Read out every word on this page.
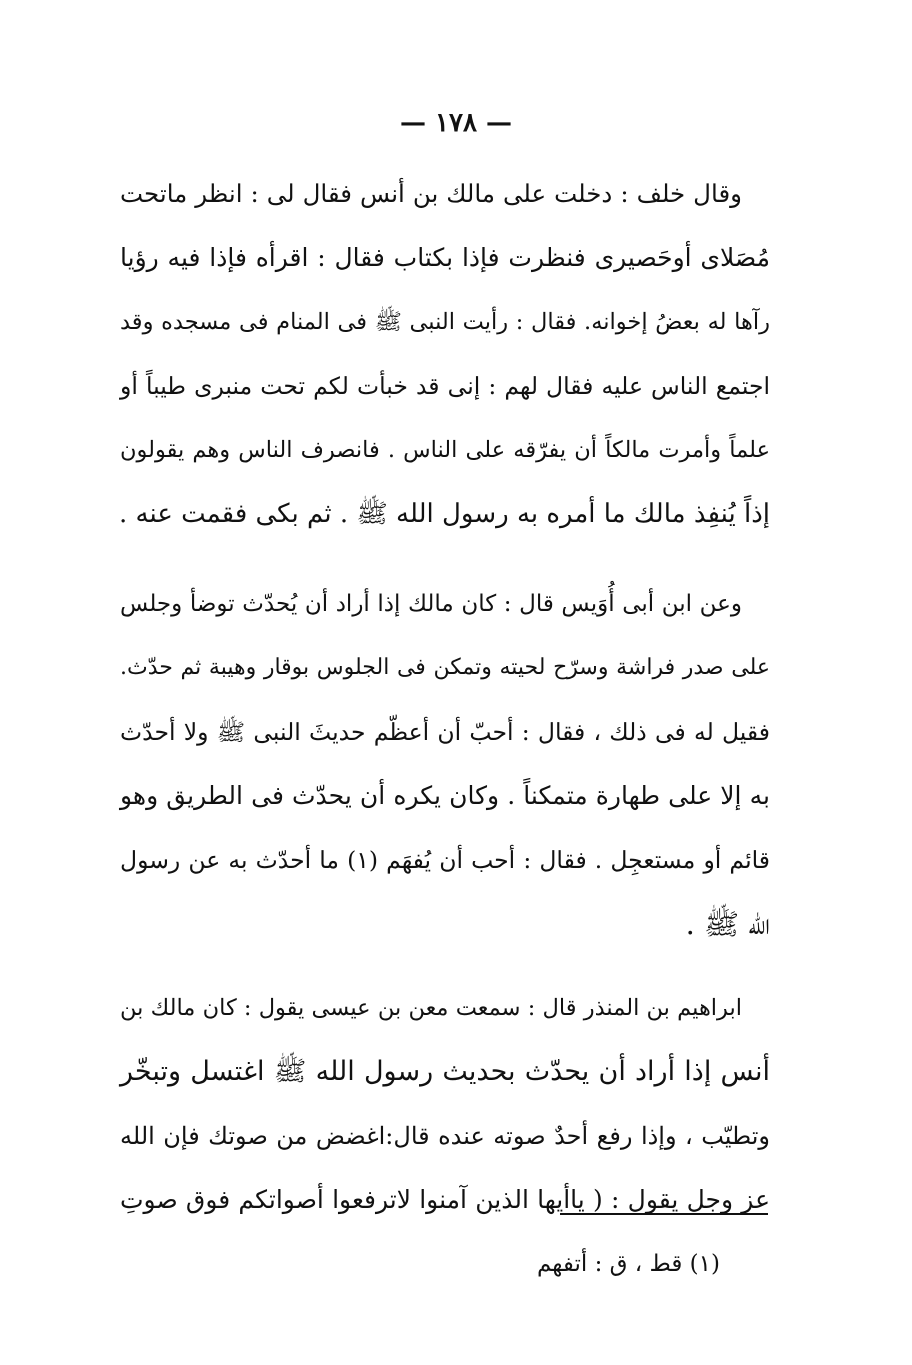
— ١٧٨ —
وقال خلف : دخلت على مالك بن أنس فقال لى : انظر ماتحت
مُصَلاى أوحَصيرى فنظرت فإذا بكتاب فقال : اقرأه فإذا فيه رؤيا
رآها له بعضُ إخوانه. فقال : رأيت النبى ﷺ فى المنام فى مسجده وقد
اجتمع الناس عليه فقال لهم : إنى قد خبأت لكم تحت منبرى طيباً أو
علماً وأمرت مالكاً أن يفرّقه على الناس . فانصرف الناس وهم يقولون
إذاً يُنفِذ مالك ما أمره به رسول الله ﷺ . ثم بكى فقمت عنه .
وعن ابن أبى أُوَيس قال : كان مالك إذا أراد أن يُحدّث توضأ وجلس
على صدر فراشة وسرّح لحيته وتمكن فى الجلوس بوقار وهيبة ثم حدّث.
فقيل له فى ذلك ، فقال : أحبّ أن أعظّم حديثَ النبى ﷺ ولا أحدّث
به إلا على طهارة متمكناً . وكان يكره أن يحدّث فى الطريق وهو
قائم أو مستعجِل . فقال : أحب أن يُفهَم (١) ما أحدّث به عن رسول
الله ﷺ .
ابراهيم بن المنذر قال : سمعت معن بن عيسى يقول : كان مالك بن
أنس إذا أراد أن يحدّث بحديث رسول الله ﷺ اغتسل وتبخّر
وتطيّب ، وإذا رفع أحدٌ صوته عنده قال:اغضض من صوتك فإن الله
عز وجل يقول : ( ياأيها الذين آمنوا لاترفعوا أصواتكم فوق صوتِ
(١) قط ، ق : أتفهم
